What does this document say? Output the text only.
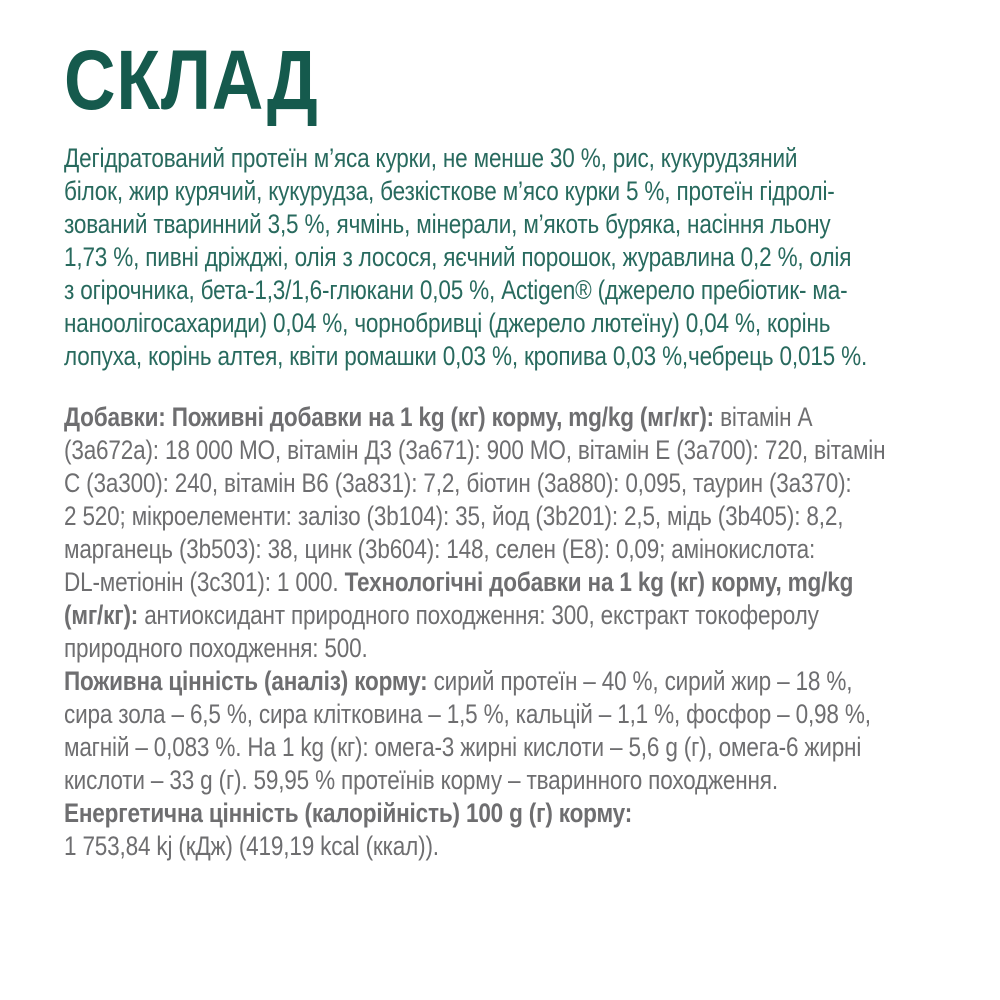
СКЛАД
Дегідратований протеїн м’яса курки, не менше 30 %, рис, кукурудзяний
білок, жир курячий, кукурудза, безкісткове м’ясо курки 5 %, протеїн гідролі-
зований тваринний 3,5 %, ячмінь, мінерали, м’якоть буряка, насіння льону
1,73 %, пивні дріжджі, олія з лосося, яєчний порошок, журавлина 0,2 %, олія
з огірочника, бета-1,3/1,6-глюкани 0,05 %, Actigen® (джерело пребіотик- ма-
наноолігосахариди) 0,04 %, чорнобривці (джерело лютеїну) 0,04 %, корінь
лопуха, корінь алтея, квіти ромашки 0,03 %, кропива 0,03 %,чебрець 0,015 %.
Добавки: Поживні добавки на 1 kg (кг) корму, mg/kg (мг/кг): вітамін A
(3a672a): 18 000 МО, вітамін Д3 (3a671): 900 МО, вітамін E (3a700): 720, вітамін
C (3a300): 240, вітамін B6 (3a831): 7,2, біотин (3a880): 0,095, таурин (3a370):
2 520; мікроелементи: залізо (3b104): 35, йод (3b201): 2,5, мідь (3b405): 8,2,
марганець (3b503): 38, цинк (3b604): 148, селен (E8): 0,09; амінокислота:
DL-метіонін (3c301): 1 000. Технологічні добавки на 1 kg (кг) корму, mg/kg
(мг/кг): антиоксидант природного походження: 300, екстракт токоферолу
природного походження: 500.
Поживна цінність (аналіз) корму: сирий протеїн – 40 %, сирий жир – 18 %,
сира зола – 6,5 %, сира клітковина – 1,5 %, кальцій – 1,1 %, фосфор – 0,98 %,
магній – 0,083 %. На 1 kg (кг): омега-3 жирні кислоти – 5,6 g (г), омега-6 жирні
кислоти – 33 g (г). 59,95 % протеїнів корму – тваринного походження.
Енергетична цінність (калорійність) 100 g (г) корму:
1 753,84 kj (кДж) (419,19 kcal (ккал)).
